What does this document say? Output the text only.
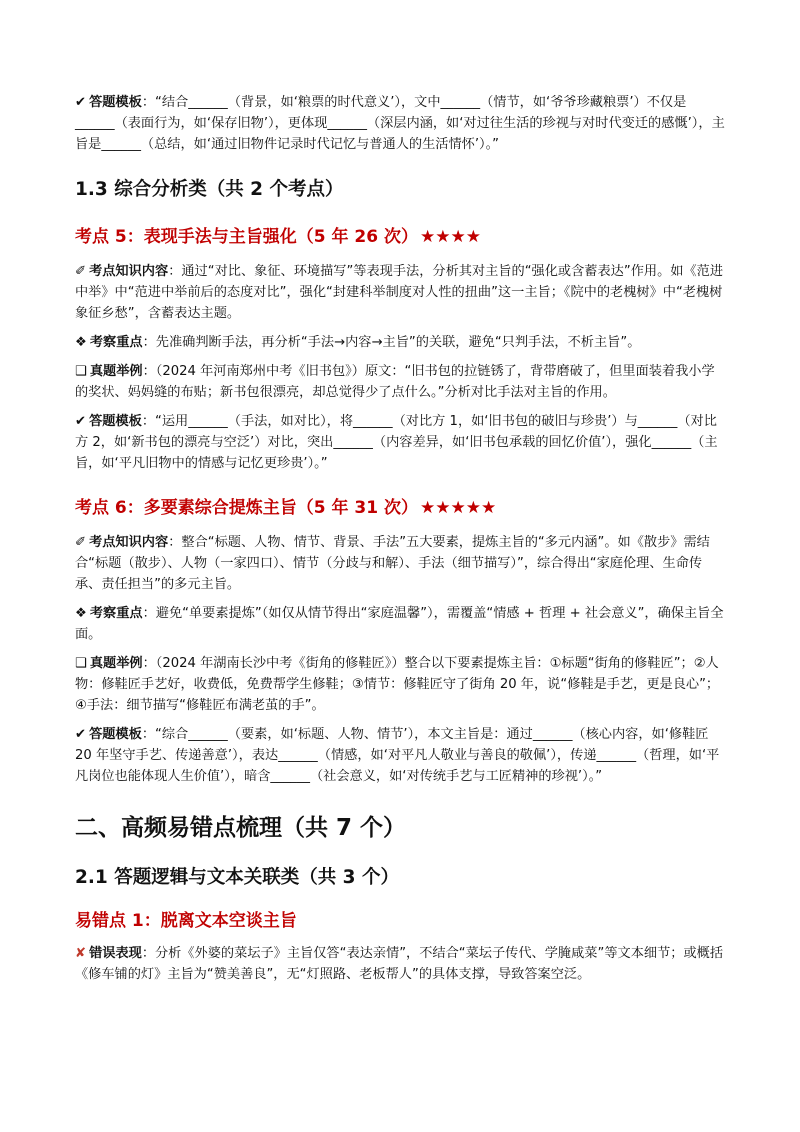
✔ 答题模板：“结合______（背景，如‘粮票的时代意义’），文中______（情节，如‘爷爷珍藏粮票’）不仅是______（表面行为，如‘保存旧物’），更体现______（深层内涵，如‘对过往生活的珍视与对时代变迁的感慨’），主旨是______（总结，如‘通过旧物件记录时代记忆与普通人的生活情怀’）。”

1.3 综合分析类（共 2 个考点）
考点 5：表现手法与主旨强化（5 年 26 次） ★★★★

✐ 考点知识内容：通过“对比、象征、环境描写”等表现手法，分析其对主旨的“强化或含蓄表达”作用。如《范进中举》中“范进中举前后的态度对比”，强化“封建科举制度对人性的扭曲”这一主旨；《院中的老槐树》中“老槐树象征乡愁”，含蓄表达主题。

❖ 考察重点：先准确判断手法，再分析“手法→内容→主旨”的关联，避免“只判手法，不析主旨”。

❑ 真题举例：（2024 年河南郑州中考《旧书包》）原文：“旧书包的拉链锈了，背带磨破了，但里面装着我小学的奖状、妈妈缝的布贴；新书包很漂亮，却总觉得少了点什么。”分析对比手法对主旨的作用。

✔ 答题模板：“运用______（手法，如对比），将______（对比方 1，如‘旧书包的破旧与珍贵’）与______（对比方 2，如‘新书包的漂亮与空泛’）对比，突出______（内容差异，如‘旧书包承载的回忆价值’），强化______（主旨，如‘平凡旧物中的情感与记忆更珍贵’）。”

考点 6：多要素综合提炼主旨（5 年 31 次） ★★★★★

✐ 考点知识内容：整合“标题、人物、情节、背景、手法”五大要素，提炼主旨的“多元内涵”。如《散步》需结合“标题（散步）、人物（一家四口）、情节（分歧与和解）、手法（细节描写）”，综合得出“家庭伦理、生命传承、责任担当”的多元主旨。

❖ 考察重点：避免“单要素提炼”（如仅从情节得出“家庭温馨”），需覆盖“情感 + 哲理 + 社会意义”，确保主旨全面。

❑ 真题举例：（2024 年湖南长沙中考《街角的修鞋匠》）整合以下要素提炼主旨：①标题“街角的修鞋匠”；②人物：修鞋匠手艺好，收费低，免费帮学生修鞋；③情节：修鞋匠守了街角 20 年，说“修鞋是手艺，更是良心”；④手法：细节描写“修鞋匠布满老茧的手”。

✔ 答题模板：“综合______（要素，如‘标题、人物、情节’），本文主旨是：通过______（核心内容，如‘修鞋匠 20 年坚守手艺、传递善意’），表达______（情感，如‘对平凡人敬业与善良的敬佩’），传递______（哲理，如‘平凡岗位也能体现人生价值’），暗含______（社会意义，如‘对传统手艺与工匠精神的珍视’）。”

二、高频易错点梳理（共 7 个）
2.1 答题逻辑与文本关联类（共 3 个）
易错点 1：脱离文本空谈主旨

✘ 错误表现：分析《外婆的菜坛子》主旨仅答“表达亲情”，不结合“菜坛子传代、学腌咸菜”等文本细节；或概括《修车铺的灯》主旨为“赞美善良”，无“灯照路、老板帮人”的具体支撑，导致答案空泛。
